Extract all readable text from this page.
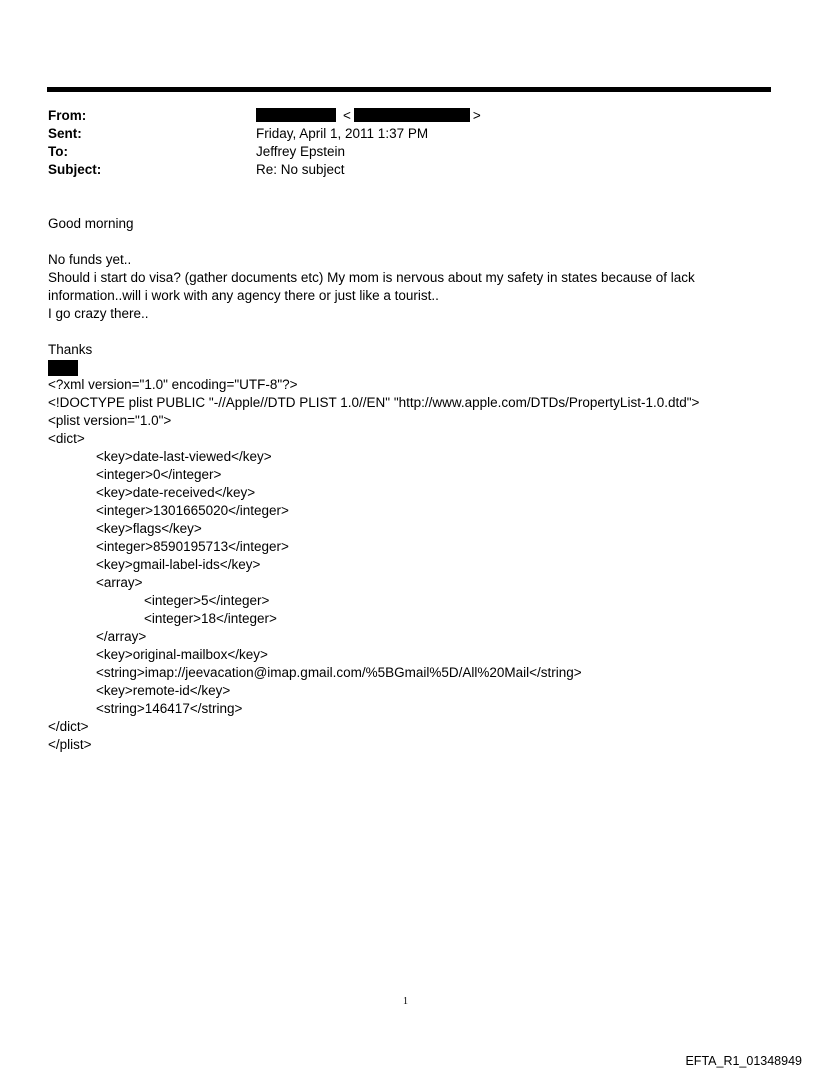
From:	<	>
Sent:	Friday, April 1, 2011 1:37 PM
To:	Jeffrey Epstein
Subject:	Re: No subject
Good morning
No funds yet..
Should i start do visa? (gather documents etc) My mom is nervous about my safety in states because of lack
information..will i work with any agency there or just like a tourist..
I go crazy there..
Thanks
<?xml version="1.0" encoding="UTF-8"?>
<!DOCTYPE plist PUBLIC "-//Apple//DTD PLIST 1.0//EN" "http://www.apple.com/DTDs/PropertyList-1.0.dtd">
<plist version="1.0">
<dict>
<key>date-last-viewed</key>
<integer>0</integer>
<key>date-received</key>
<integer>1301665020</integer>
<key>flags</key>
<integer>8590195713</integer>
<key>gmail-label-ids</key>
<array>
<integer>5</integer>
<integer>18</integer>
</array>
<key>original-mailbox</key>
<string>imap://jeevacation@imap.gmail.com/%5BGmail%5D/All%20Mail</string>
<key>remote-id</key>
<string>146417</string>
</dict>
</plist>
1
EFTA_R1_01348949
